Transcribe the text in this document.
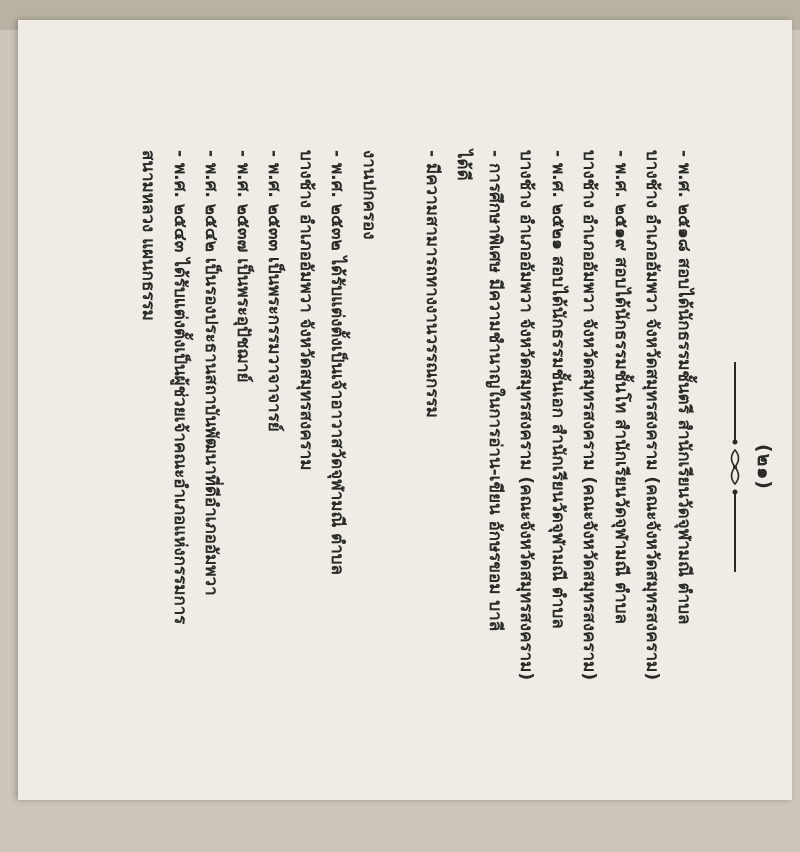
(๒๑)
- พ.ศ. ๒๕๑๘ สอบได้นักธรรมชั้นตรี สำนักเรียนวัดจุฬามณี ตำบล
บางช้าง อำเภออัมพวา จังหวัดสมุทรสงคราม (คณะจังหวัดสมุทรสงคราม)
- พ.ศ. ๒๕๑๙ สอบได้นักธรรมชั้นโท สำนักเรียนวัดจุฬามณี ตำบล
บางช้าง อำเภออัมพวา จังหวัดสมุทรสงคราม (คณะจังหวัดสมุทรสงคราม)
- พ.ศ. ๒๕๒๑ สอบได้นักธรรมชั้นเอก สำนักเรียนวัดจุฬามณี ตำบล
บางช้าง อำเภออัมพวา จังหวัดสมุทรสงคราม (คณะจังหวัดสมุทรสงคราม)
- การศึกษาพิเศษ มีความชำนาญในการอ่าน-เขียน อักษรขอม บาลี
ได้ดี
- มีความสามารถทางงานวรรณกรรม

งานปกครอง
- พ.ศ. ๒๕๓๒ ได้รับแต่งตั้งเป็นเจ้าอาวาสวัดจุฬามณี ตำบล
บางช้าง อำเภออัมพวา จังหวัดสมุทรสงคราม
- พ.ศ. ๒๕๓๓ เป็นพระกรรมวาจาจารย์
- พ.ศ. ๒๕๓๗ เป็นพระอุปัชฌาย์
- พ.ศ. ๒๕๔๒ เป็นรองประธานสถาบันพัฒนาที่ดีอำเภออัมพวา
- พ.ศ. ๒๕๔๓ ได้รับแต่งตั้งเป็นผู้ช่วยเจ้าคณะอำเภอแห่งกรรมการ
สนามหลวง แผนกธรรม
